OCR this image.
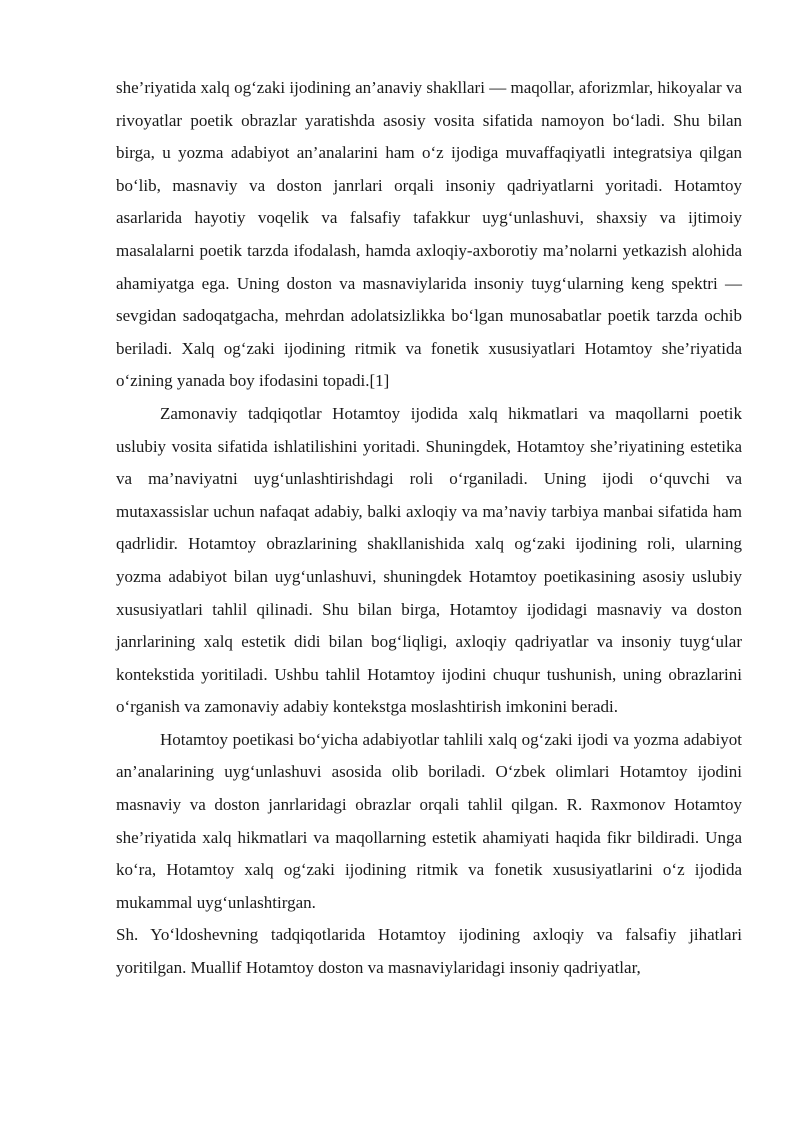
she’riyatida xalq og‘zaki ijodining an’anaviy shakllari — maqollar, aforizmlar, hikoyalar va rivoyatlar poetik obrazlar yaratishda asosiy vosita sifatida namoyon bo‘ladi. Shu bilan birga, u yozma adabiyot an’analarini ham o‘z ijodiga muvaffaqiyatli integratsiya qilgan bo‘lib, masnaviy va doston janrlari orqali insoniy qadriyatlarni yoritadi. Hotamtoy asarlarida hayotiy voqelik va falsafiy tafakkur uyg‘unlashuvi, shaxsiy va ijtimoiy masalalarni poetik tarzda ifodalash, hamda axloqiy-axborotiy ma’nolarni yetkazish alohida ahamiyatga ega. Uning doston va masnaviylarida insoniy tuyg‘ularning keng spektri — sevgidan sadoqatgacha, mehrdan adolatsizlikka bo‘lgan munosabatlar poetik tarzda ochib beriladi. Xalq og‘zaki ijodining ritmik va fonetik xususiyatlari Hotamtoy she’riyatida o‘zining yanada boy ifodasini topadi.[1]

Zamonaviy tadqiqotlar Hotamtoy ijodida xalq hikmatlari va maqollarni poetik uslubiy vosita sifatida ishlatilishini yoritadi. Shuningdek, Hotamtoy she’riyatining estetika va ma’naviyatni uyg‘unlashtirishdagi roli o‘rganiladi. Uning ijodi o‘quvchi va mutaxassislar uchun nafaqat adabiy, balki axloqiy va ma’naviy tarbiya manbai sifatida ham qadrlidir. Hotamtoy obrazlarining shakllanishida xalq og‘zaki ijodining roli, ularning yozma adabiyot bilan uyg‘unlashuvi, shuningdek Hotamtoy poetikasining asosiy uslubiy xususiyatlari tahlil qilinadi. Shu bilan birga, Hotamtoy ijodidagi masnaviy va doston janrlarining xalq estetik didi bilan bog‘liqligi, axloqiy qadriyatlar va insoniy tuyg‘ular kontekstida yoritiladi. Ushbu tahlil Hotamtoy ijodini chuqur tushunish, uning obrazlarini o‘rganish va zamonaviy adabiy kontekstga moslashtirish imkonini beradi.

Hotamtoy poetikasi bo‘yicha adabiyotlar tahlili xalq og‘zaki ijodi va yozma adabiyot an’analarining uyg‘unlashuvi asosida olib boriladi. O‘zbek olimlari Hotamtoy ijodini masnaviy va doston janrlaridagi obrazlar orqali tahlil qilgan. R. Raxmonov Hotamtoy she’riyatida xalq hikmatlari va maqollarning estetik ahamiyati haqida fikr bildiradi. Unga ko‘ra, Hotamtoy xalq og‘zaki ijodining ritmik va fonetik xususiyatlarini o‘z ijodida mukammal uyg‘unlashtirgan.

Sh. Yo‘ldoshevning tadqiqotlarida Hotamtoy ijodining axloqiy va falsafiy jihatlari yoritilgan. Muallif Hotamtoy doston va masnaviylaridagi insoniy qadriyatlar,
